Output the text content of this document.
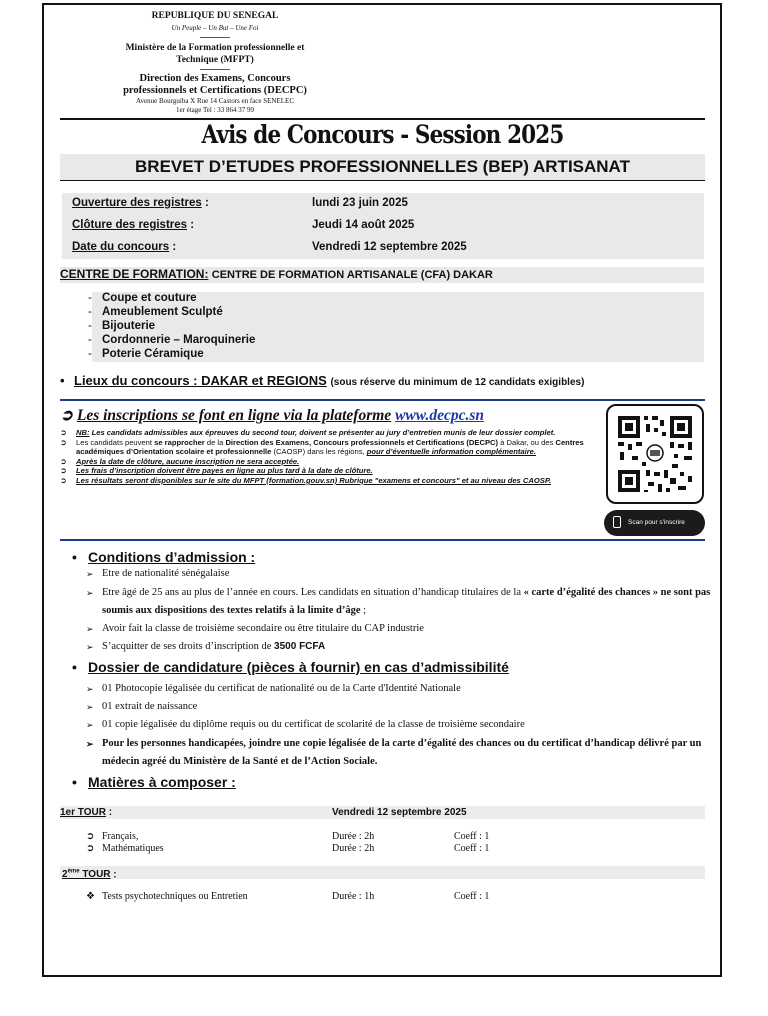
REPUBLIQUE DU SENEGAL
Un Peuple – Un But – Une Foi
Ministère de la Formation professionnelle et
Technique (MFPT)
Direction des Examens, Concours
professionnels et Certifications (DECPC)
Avenue Bourguiba X Rue 14 Castors en face SENELEC
1er étage Tel : 33 864 37 99
Avis de Concours - Session 2025
BREVET D’ETUDES PROFESSIONNELLES (BEP) ARTISANAT
Ouverture des registres :	lundi 23 juin 2025
Clôture des registres :	Jeudi 14 août 2025
Date du concours :	Vendredi 12 septembre 2025
CENTRE DE FORMATION: CENTRE DE FORMATION ARTISANALE (CFA) DAKAR
- Coupe et couture
- Ameublement Sculpté
- Bijouterie
- Cordonnerie – Maroquinerie
- Poterie Céramique
• Lieux du concours : DAKAR et REGIONS (sous réserve du minimum de 12 candidats exigibles)
➲ Les inscriptions se font en ligne via la plateforme www.decpc.sn
➲ NB: Les candidats admissibles aux épreuves du second tour, doivent se présenter au jury d’entretien munis de leur dossier complet.
➲ Les candidats peuvent se rapprocher de la Direction des Examens, Concours professionnels et Certifications (DECPC) à Dakar, ou des Centres académiques d’Orientation scolaire et professionnelle (CAOSP) dans les régions, pour d’éventuelle information complémentaire.
➲ Après la date de clôture, aucune inscription ne sera acceptée.
➲ Les frais d’inscription doivent être payes en ligne au plus tard à la date de clôture.
➲ Les résultats seront disponibles sur le site du MFPT (formation.gouv.sn) Rubrique "examens et concours" et au niveau des CAOSP.
Scan pour s'inscrire
• Conditions d’admission :
➢ Etre de nationalité sénégalaise
➢ Etre âgé de 25 ans au plus de l’année en cours. Les candidats en situation d’handicap titulaires de la « carte d’égalité des chances » ne sont pas soumis aux dispositions des textes relatifs à la limite d’âge ;
➢ Avoir fait la classe de troisième secondaire ou être titulaire du CAP industrie
➢ S’acquitter de ses droits d’inscription de 3500 FCFA
• Dossier de candidature (pièces à fournir) en cas d’admissibilité
➢ 01 Photocopie légalisée du certificat de nationalité ou de la Carte d'Identité Nationale
➢ 01 extrait de naissance
➢ 01 copie légalisée du diplôme requis ou du certificat de scolarité de la classe de troisième secondaire
➢ Pour les personnes handicapées, joindre une copie légalisée de la carte d’égalité des chances ou du certificat d’handicap délivré par un médecin agréé du Ministère de la Santé et de l’Action Sociale.
• Matières à composer :
1er TOUR :	Vendredi 12 septembre 2025
➲ Français,	Durée : 2h	Coeff : 1
➲ Mathématiques	Durée : 2h	Coeff : 1
2ème TOUR :
❖ Tests psychotechniques ou Entretien	Durée : 1h	Coeff : 1
